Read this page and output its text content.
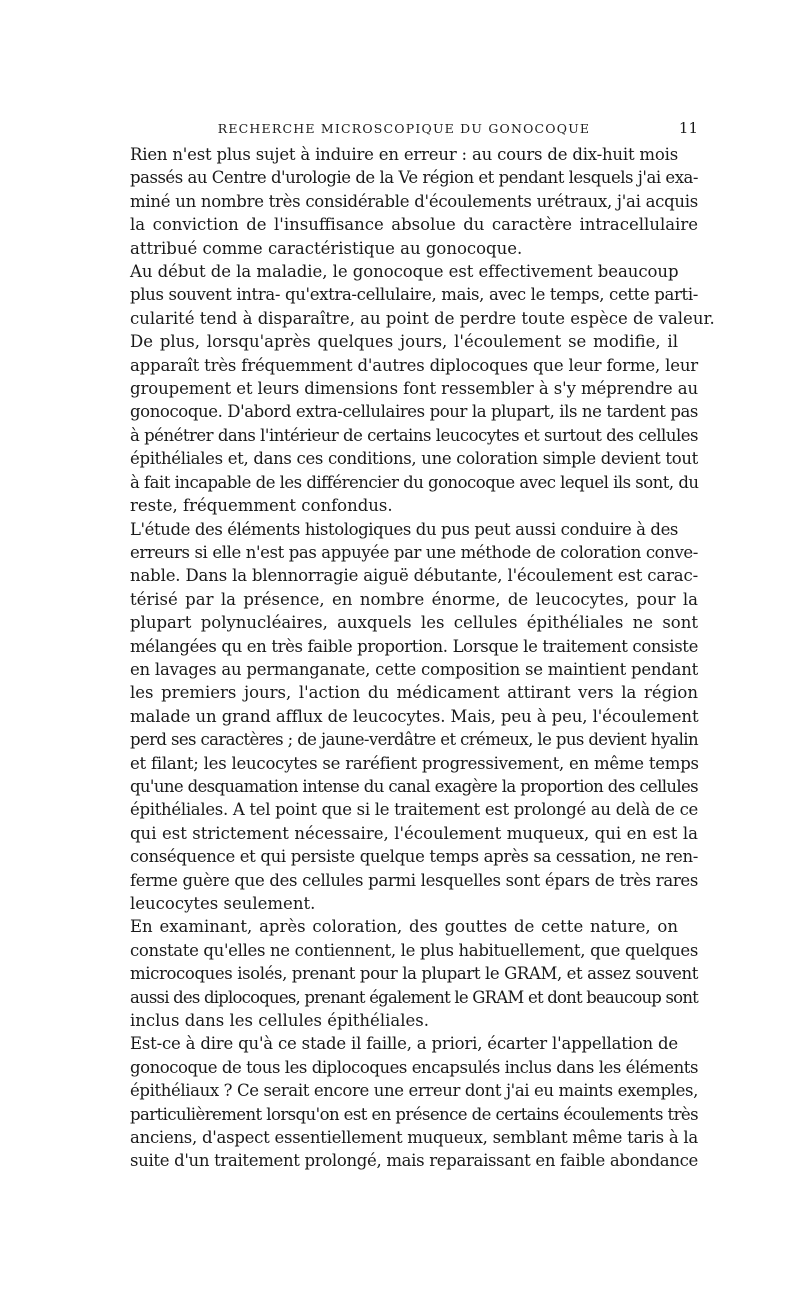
RECHERCHE MICROSCOPIQUE DU GONOCOQUE	11

Rien n'est plus sujet à induire en erreur : au cours de dix-huit mois
passés au Centre d'urologie de la Ve région et pendant lesquels j'ai exa-
miné un nombre très considérable d'écoulements urétraux, j'ai acquis
la conviction de l'insuffisance absolue du caractère intracellulaire
attribué comme caractéristique au gonocoque.

Au début de la maladie, le gonocoque est effectivement beaucoup
plus souvent intra- qu'extra-cellulaire, mais, avec le temps, cette parti-
cularité tend à disparaître, au point de perdre toute espèce de valeur.

De plus, lorsqu'après quelques jours, l'écoulement se modifie, il
apparaît très fréquemment d'autres diplocoques que leur forme, leur
groupement et leurs dimensions font ressembler à s'y méprendre au
gonocoque. D'abord extra-cellulaires pour la plupart, ils ne tardent pas
à pénétrer dans l'intérieur de certains leucocytes et surtout des cellules
épithéliales et, dans ces conditions, une coloration simple devient tout
à fait incapable de les différencier du gonocoque avec lequel ils sont, du
reste, fréquemment confondus.

L'étude des éléments histologiques du pus peut aussi conduire à des
erreurs si elle n'est pas appuyée par une méthode de coloration conve-
nable. Dans la blennorragie aiguë débutante, l'écoulement est carac-
térisé par la présence, en nombre énorme, de leucocytes, pour la
plupart polynucléaires, auxquels les cellules épithéliales ne sont
mélangées qu en très faible proportion. Lorsque le traitement consiste
en lavages au permanganate, cette composition se maintient pendant
les premiers jours, l'action du médicament attirant vers la région
malade un grand afflux de leucocytes. Mais, peu à peu, l'écoulement
perd ses caractères ; de jaune-verdâtre et crémeux, le pus devient hyalin
et filant; les leucocytes se raréfient progressivement, en même temps
qu'une desquamation intense du canal exagère la proportion des cellules
épithéliales. A tel point que si le traitement est prolongé au delà de ce
qui est strictement nécessaire, l'écoulement muqueux, qui en est la
conséquence et qui persiste quelque temps après sa cessation, ne ren-
ferme guère que des cellules parmi lesquelles sont épars de très rares
leucocytes seulement.

En examinant, après coloration, des gouttes de cette nature, on
constate qu'elles ne contiennent, le plus habituellement, que quelques
microcoques isolés, prenant pour la plupart le GRAM, et assez souvent
aussi des diplocoques, prenant également le GRAM et dont beaucoup sont
inclus dans les cellules épithéliales.

Est-ce à dire qu'à ce stade il faille, a priori, écarter l'appellation de
gonocoque de tous les diplocoques encapsulés inclus dans les éléments
épithéliaux ? Ce serait encore une erreur dont j'ai eu maints exemples,
particulièrement lorsqu'on est en présence de certains écoulements très
anciens, d'aspect essentiellement muqueux, semblant même taris à la
suite d'un traitement prolongé, mais reparaissant en faible abondance
